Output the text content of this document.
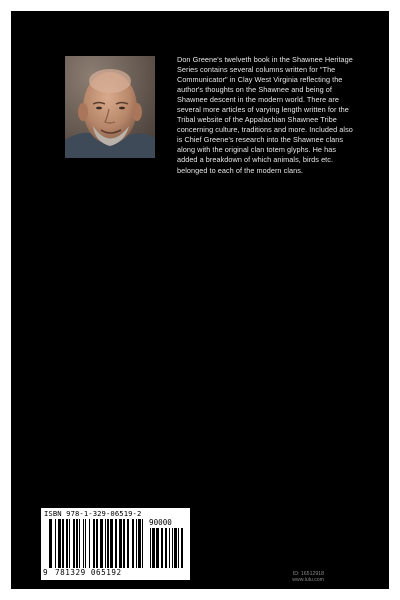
Don Greene's twelveth book in the Shawnee Heritage Series contains several columns written for "The Communicator" in Clay West Virginia reflecting the author's thoughts on the Shawnee and being of Shawnee descent in the modern world. There are several more articles of varying length written for the Tribal website of the Appalachian Shawnee Tribe concerning culture, traditions and more. Included also is Chief Greene's research into the Shawnee clans along with the original clan totem glyphs. He has added a breakdown of which animals, birds etc. belonged to each of the modern clans.
ID: 16512918
www.lulu.com
ISBN 978-1-329-06519-2
90000
9 781329 065192
